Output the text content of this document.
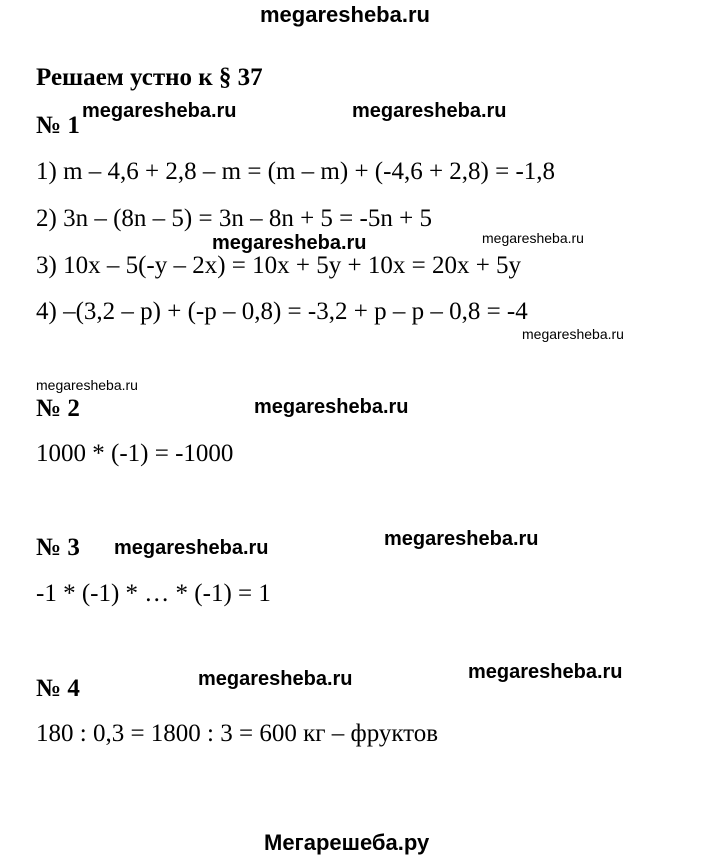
megaresheba.ru
Решаем устно к § 37
№ 1
megaresheba.ru	megaresheba.ru
1) m – 4,6 + 2,8 – m = (m – m) + (-4,6 + 2,8) = -1,8
2) 3n – (8n – 5) = 3n – 8n + 5 = -5n + 5
megaresheba.ru	megaresheba.ru
3) 10x – 5(-y – 2x) = 10x + 5y + 10x = 20x + 5y
4) –(3,2 – p) + (-p – 0,8) = -3,2 + p – p – 0,8 = -4
megaresheba.ru
megaresheba.ru
№ 2	megaresheba.ru
1000 * (-1) = -1000
№ 3 megaresheba.ru	megaresheba.ru
-1 * (-1) * … * (-1) = 1
megaresheba.ru
megaresheba.ru
№ 4
180 : 0,3 = 1800 : 3 = 600 кг – фруктов
Мегарешеба.ру
